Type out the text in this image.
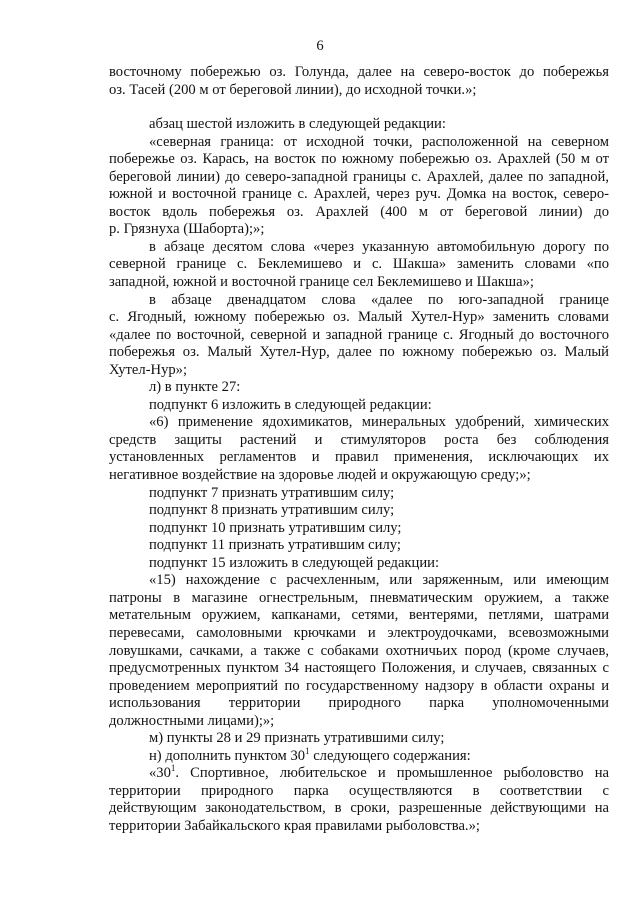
6
восточному побережью оз. Голунда, далее на северо-восток до побережья
оз. Тасей (200 м от береговой линии), до исходной точки.»;
абзац шестой изложить в следующей редакции:
«северная граница: от исходной точки, расположенной на северном
побережье оз. Карась, на восток по южному побережью оз. Арахлей (50 м от
береговой линии) до северо-западной границы с. Арахлей, далее по западной,
южной и восточной границе с. Арахлей, через руч. Домка на восток, северо-
восток вдоль побережья оз. Арахлей (400 м от береговой линии) до
р. Грязнуха (Шаборта);»;
в абзаце десятом слова «через указанную автомобильную дорогу по
северной границе с. Беклемишево и с. Шакша» заменить словами «по
западной, южной и восточной границе сел Беклемишево и Шакша»;
в абзаце двенадцатом слова «далее по юго-западной границе
с. Ягодный, южному побережью оз. Малый Хутел-Нур» заменить словами
«далее по восточной, северной и западной границе с. Ягодный до восточного
побережья оз. Малый Хутел-Нур, далее по южному побережью оз. Малый
Хутел-Нур»;
л) в пункте 27:
подпункт 6 изложить в следующей редакции:
«6) применение ядохимикатов, минеральных удобрений, химических
средств защиты растений и стимуляторов роста без соблюдения
установленных регламентов и правил применения, исключающих их
негативное воздействие на здоровье людей и окружающую среду;»;
подпункт 7 признать утратившим силу;
подпункт 8 признать утратившим силу;
подпункт 10 признать утратившим силу;
подпункт 11 признать утратившим силу;
подпункт 15 изложить в следующей редакции:
«15) нахождение с расчехленным, или заряженным, или имеющим
патроны в магазине огнестрельным, пневматическим оружием, а также
метательным оружием, капканами, сетями, вентерями, петлями, шатрами
перевесами, самоловными крючками и электроудочками, всевозможными
ловушками, сачками, а также с собаками охотничьих пород (кроме случаев,
предусмотренных пунктом 34 настоящего Положения, и случаев, связанных с
проведением мероприятий по государственному надзору в области охраны и
использования территории природного парка уполномоченными
должностными лицами);»;
м) пункты 28 и 29 признать утратившими силу;
н) дополнить пунктом $30^1$ следующего содержания:
«$30^1$. Спортивное, любительское и промышленное рыболовство на
территории природного парка осуществляются в соответствии с
действующим законодательством, в сроки, разрешенные действующими на
территории Забайкальского края правилами рыболовства.»;
